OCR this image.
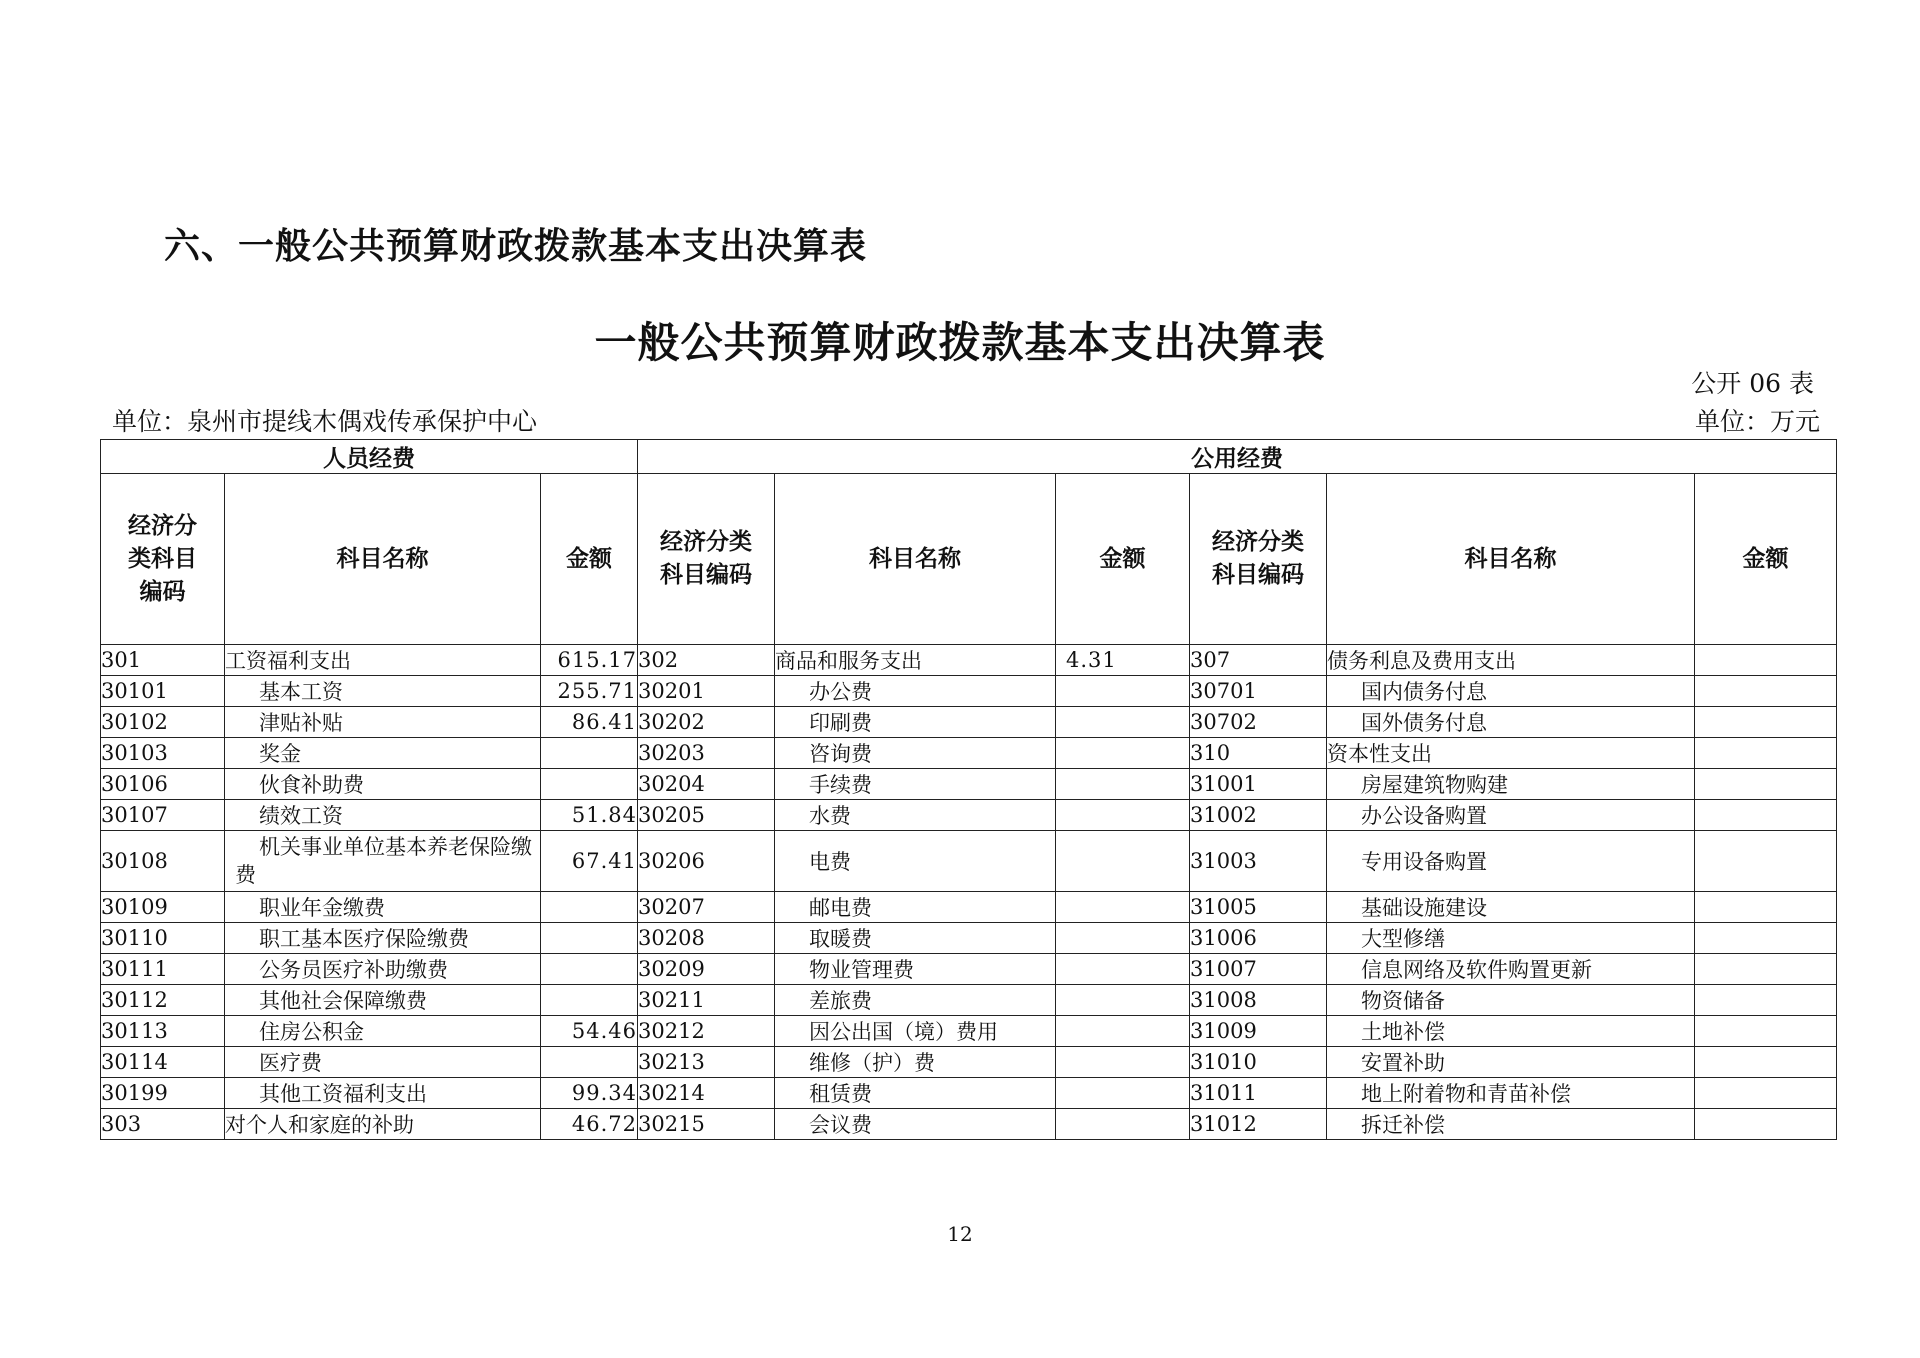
六、一般公共预算财政拨款基本支出决算表
一般公共预算财政拨款基本支出决算表
公开 06 表
单位：泉州市提线木偶戏传承保护中心	单位：万元
人员经费			公用经费					
经济分类科目编码	科目名称	金额	经济分类科目编码	科目名称	金额	经济分类科目编码	科目名称	金额
301	工资福利支出	615.17	302	商品和服务支出	4.31	307	债务利息及费用支出	
30101	基本工资	255.71	30201	办公费		30701	国内债务付息	
30102	津贴补贴	86.41	30202	印刷费		30702	国外债务付息	
30103	奖金		30203	咨询费		310	资本性支出	
30106	伙食补助费		30204	手续费		31001	房屋建筑物购建	
30107	绩效工资	51.84	30205	水费		31002	办公设备购置	
30108	机关事业单位基本养老保险缴费	67.41	30206	电费		31003	专用设备购置	
30109	职业年金缴费		30207	邮电费		31005	基础设施建设	
30110	职工基本医疗保险缴费		30208	取暖费		31006	大型修缮	
30111	公务员医疗补助缴费		30209	物业管理费		31007	信息网络及软件购置更新	
30112	其他社会保障缴费		30211	差旅费		31008	物资储备	
30113	住房公积金	54.46	30212	因公出国（境）费用		31009	土地补偿	
30114	医疗费		30213	维修（护）费		31010	安置补助	
30199	其他工资福利支出	99.34	30214	租赁费		31011	地上附着物和青苗补偿	
303	对个人和家庭的补助	46.72	30215	会议费		31012	拆迁补偿	
12
